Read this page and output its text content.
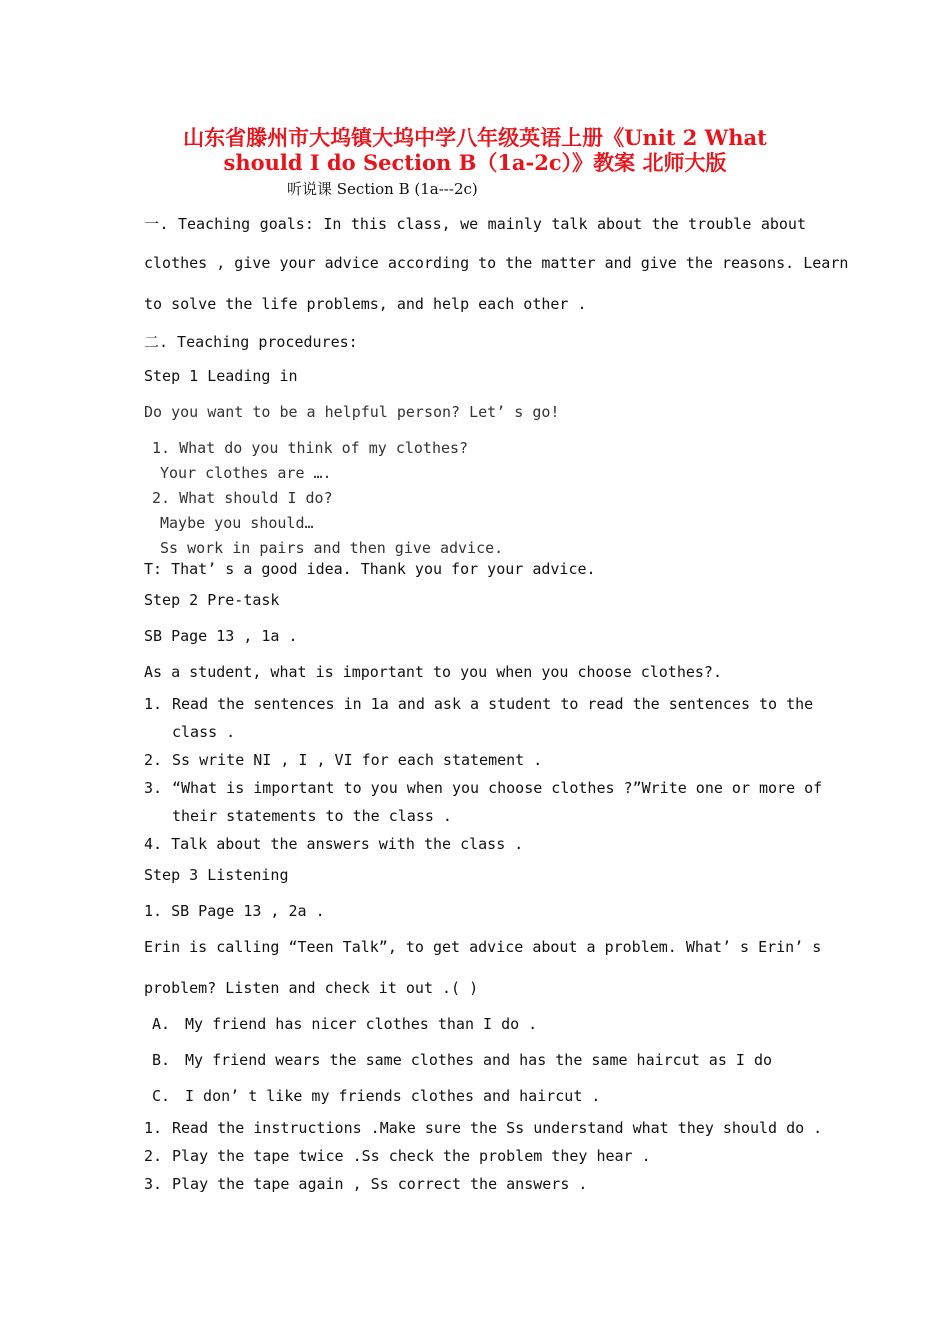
山东省滕州市大坞镇大坞中学八年级英语上册《Unit 2 What
should I do Section B（1a-2c）》教案 北师大版
听说课 Section B (1a---2c)
一. Teaching goals: In this class, we mainly talk about the trouble about
clothes , give your advice according to the matter and give the reasons. Learn
to solve the life problems, and help each other .
二. Teaching procedures:
Step 1 Leading in
Do you want to be a helpful person? Let’ s go!
1. What do you think of my clothes?
Your clothes are ….
2. What should I do?
Maybe you should…
Ss work in pairs and then give advice.
T: That’ s a good idea. Thank you for your advice.
Step 2 Pre-task
SB Page 13 , 1a .
As a student, what is important to you when you choose clothes?.
1. Read the sentences in 1a and ask a student to read the sentences to the
class .
2. Ss write NI , I , VI for each statement .
3. “What is important to you when you choose clothes ?”Write one or more of
their statements to the class .
4. Talk about the answers with the class .
Step 3 Listening
1. SB Page 13 , 2a .
Erin is calling “Teen Talk”, to get advice about a problem. What’ s Erin’ s
problem? Listen and check it out .( )
A. My friend has nicer clothes than I do .
B. My friend wears the same clothes and has the same haircut as I do
C. I don’ t like my friends clothes and haircut .
1. Read the instructions .Make sure the Ss understand what they should do .
2. Play the tape twice .Ss check the problem they hear .
3. Play the tape again , Ss correct the answers .
